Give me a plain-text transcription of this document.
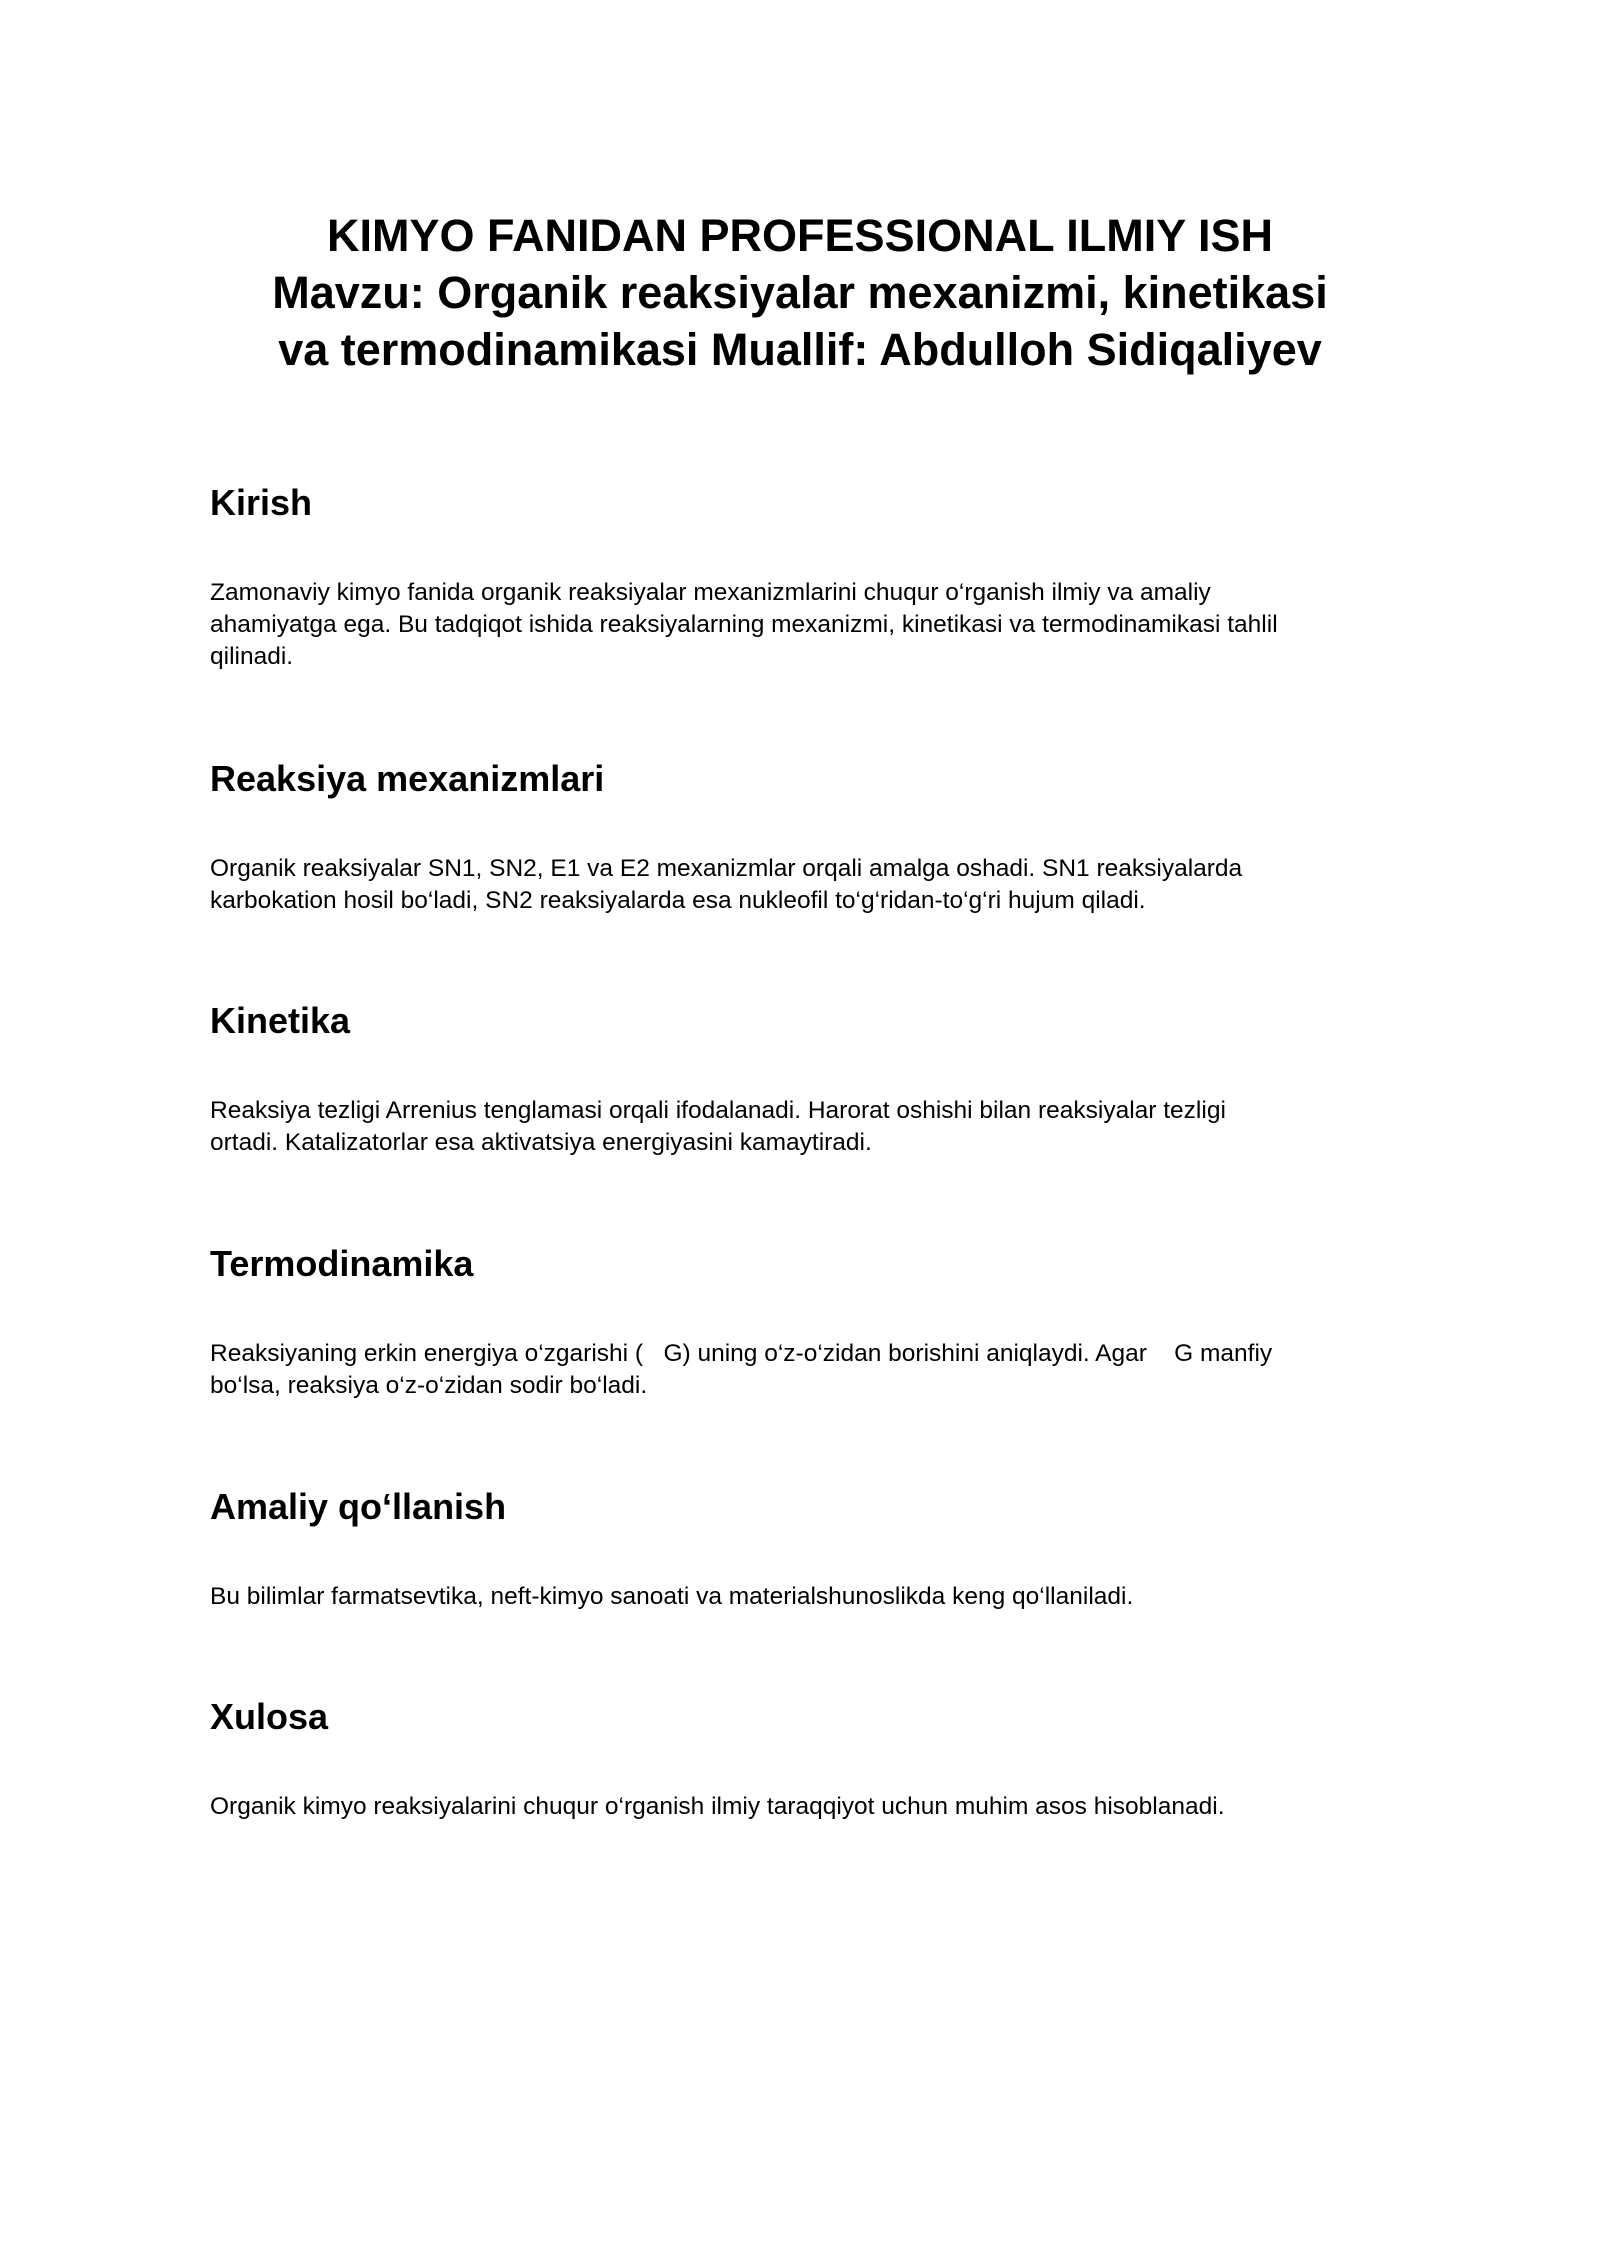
KIMYO FANIDAN PROFESSIONAL ILMIY ISH
Mavzu: Organik reaksiyalar mexanizmi, kinetikasi
va termodinamikasi Muallif: Abdulloh Sidiqaliyev
Kirish

Zamonaviy kimyo fanida organik reaksiyalar mexanizmlarini chuqur o‘rganish ilmiy va amaliy
ahamiyatga ega. Bu tadqiqot ishida reaksiyalarning mexanizmi, kinetikasi va termodinamikasi tahlil
qilinadi.

Reaksiya mexanizmlari

Organik reaksiyalar SN1, SN2, E1 va E2 mexanizmlar orqali amalga oshadi. SN1 reaksiyalarda
karbokation hosil bo‘ladi, SN2 reaksiyalarda esa nukleofil to‘g‘ridan-to‘g‘ri hujum qiladi.

Kinetika

Reaksiya tezligi Arrenius tenglamasi orqali ifodalanadi. Harorat oshishi bilan reaksiyalar tezligi
ortadi. Katalizatorlar esa aktivatsiya energiyasini kamaytiradi.

Termodinamika

Reaksiyaning erkin energiya o‘zgarishi (   G) uning o‘z-o‘zidan borishini aniqlaydi. Agar    G manfiy
bo‘lsa, reaksiya o‘z-o‘zidan sodir bo‘ladi.

Amaliy qo‘llanish

Bu bilimlar farmatsevtika, neft-kimyo sanoati va materialshunoslikda keng qo‘llaniladi.

Xulosa

Organik kimyo reaksiyalarini chuqur o‘rganish ilmiy taraqqiyot uchun muhim asos hisoblanadi.
